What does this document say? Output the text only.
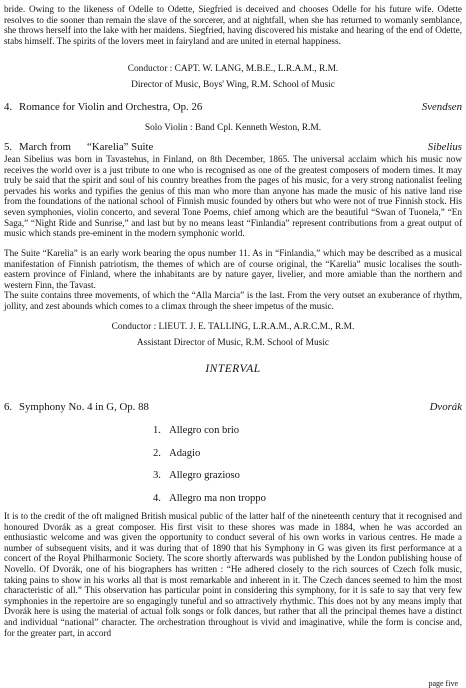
bride. Owing to the likeness of Odelle to Odette, Siegfried is deceived and chooses Odelle for his future wife. Odette resolves to die sooner than remain the slave of the sorcerer, and at nightfall, when she has returned to womanly semblance, she throws herself into the lake with her maidens. Siegfried, having discovered his mistake and hearing of the end of Odette, stabs himself. The spirits of the lovers meet in fairyland and are united in eternal happiness.

Conductor : CAPT. W. LANG, M.B.E., L.R.A.M., R.M.

Director of Music, Boys' Wing, R.M. School of Music

4. Romance for Violin and Orchestra, Op. 26	Svendsen

Solo Violin : Band Cpl. Kenneth Weston, R.M.

5. March from      “Karelia” Suite	Sibelius

Jean Sibelius was born in Tavastehus, in Finland, on 8th December, 1865. The universal acclaim which his music now receives the world over is a just tribute to one who is recognised as one of the greatest composers of modern times. It may truly be said that the spirit and soul of his country breathes from the pages of his music, for a very strong nationalist feeling pervades his works and typifies the genius of this man who more than anyone has made the music of his native land rise from the foundations of the national school of Finnish music founded by others but who were not of true Finnish stock. His seven symphonies, violin concerto, and several Tone Poems, chief among which are the beautiful “Swan of Tuonela,” “En Saga,” “Night Ride and Sunrise,” and last but by no means least “Finlandia” represent contributions from a great output of music which stands pre-eminent in the modern symphonic world.

The Suite “Karelia” is an early work bearing the opus number 11. As in “Finlandia,” which may be described as a musical manifestation of Finnish patriotism, the themes of which are of course original, the “Karelia” music localises the south-eastern province of Finland, where the inhabitants are by nature gayer, livelier, and more amiable than the northern and western Finn, the Tavast.

The suite contains three movements, of which the “Alla Marcia” is the last. From the very outset an exuberance of rhythm, jollity, and zest abounds which comes to a climax through the sheer impetus of the music.

Conductor : LIEUT. J. E. TALLING, L.R.A.M., A.R.C.M., R.M.

Assistant Director of Music, R.M. School of Music

INTERVAL
6. Symphony No. 4 in G, Op. 88	Dvorák
1. Allegro con brio
2. Adagio
3. Allegro grazioso
4. Allegro ma non troppo

It is to the credit of the oft maligned British musical public of the latter half of the nineteenth century that it recognised and honoured Dvorák as a great composer. His first visit to these shores was made in 1884, when he was accorded an enthusiastic welcome and was given the opportunity to conduct several of his own works in various centres. He made a number of subsequent visits, and it was during that of 1890 that his Symphony in G was given its first performance at a concert of the Royal Philharmonic Society. The score shortly afterwards was published by the London publishing house of Novello. Of Dvorák, one of his biographers has written : “He adhered closely to the rich sources of Czech folk music, taking pains to show in his works all that is most remarkable and inherent in it. The Czech dances seemed to him the most characteristic of all.” This observation has particular point in considering this symphony, for it is safe to say that very few symphonies in the repertoire are so engagingly tuneful and so attractively rhythmic. This does not by any means imply that Dvorák here is using the material of actual folk songs or folk dances, but rather that all the principal themes have a distinct and individual “national” character. The orchestration throughout is vivid and imaginative, while the form is concise and, for the greater part, in accord

page five
